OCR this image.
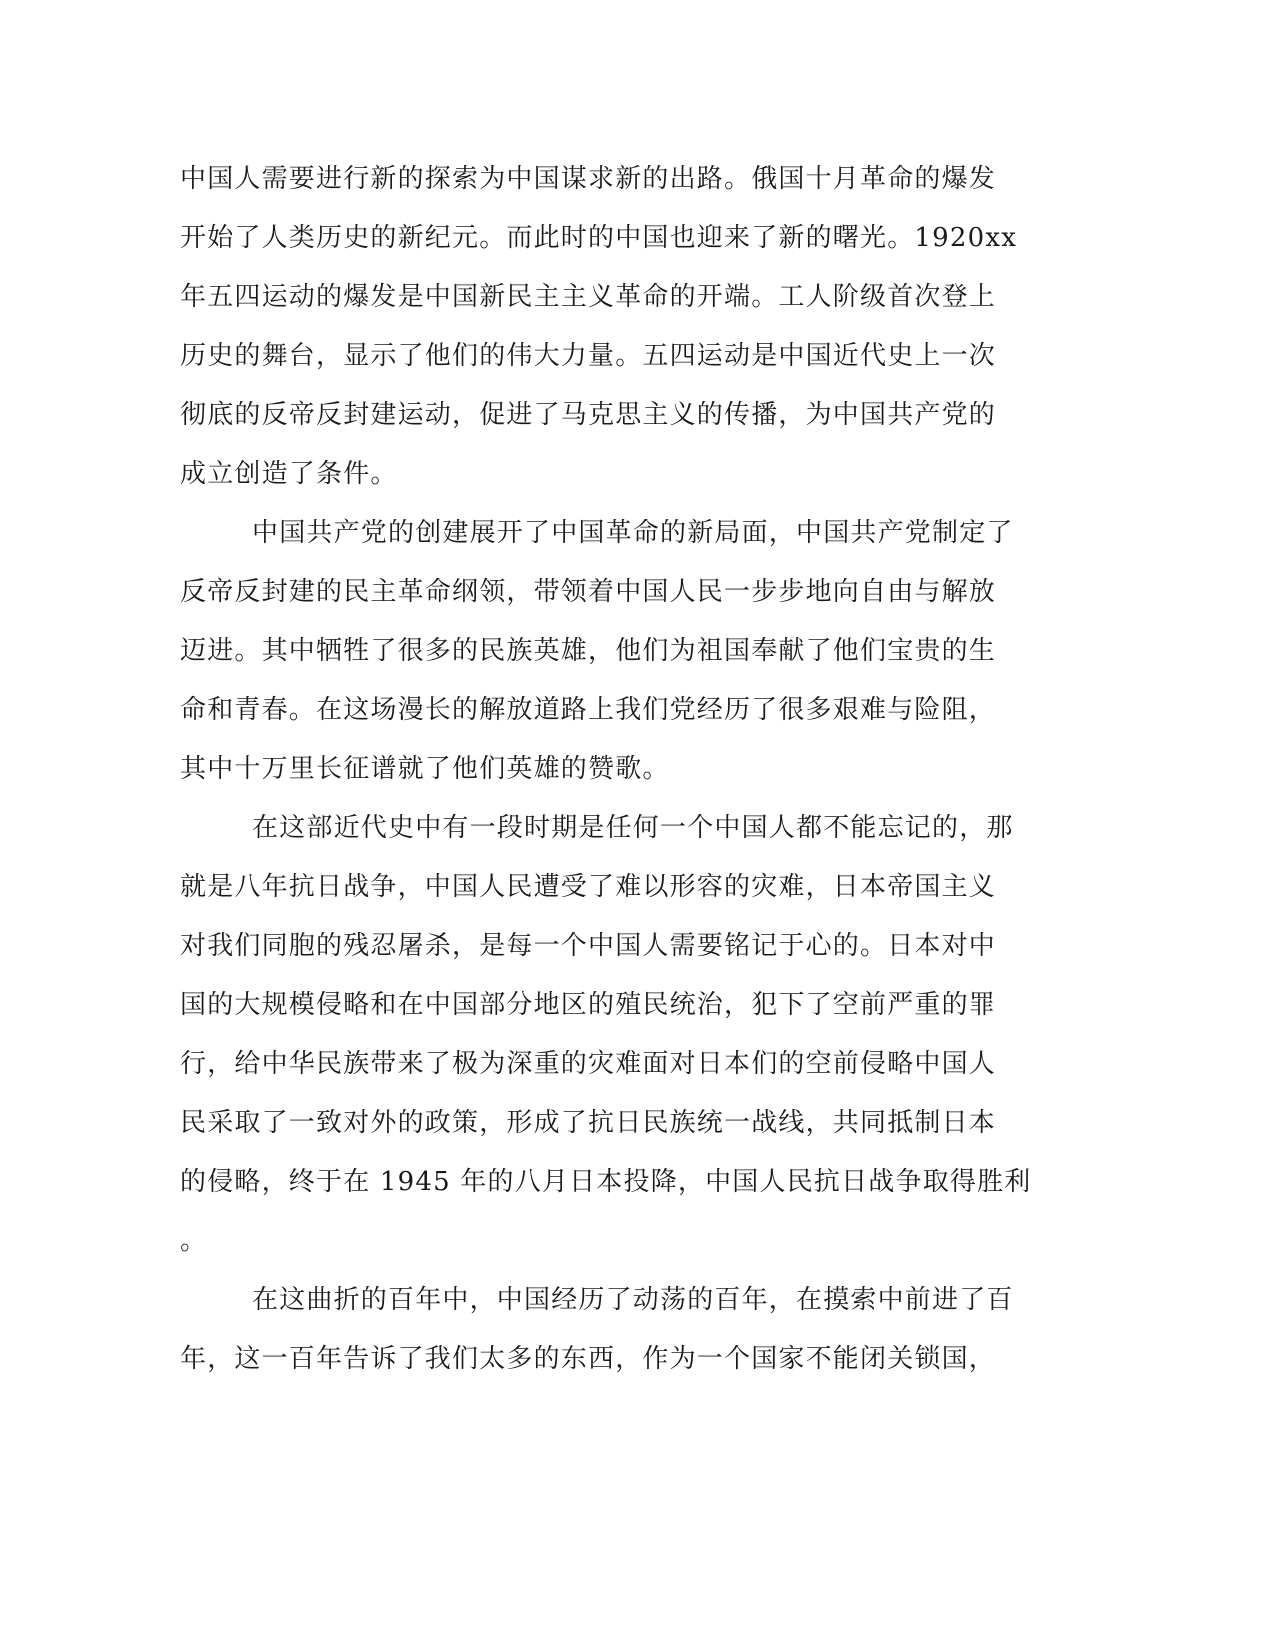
中国人需要进行新的探索为中国谋求新的出路。俄国十月革命的爆发
开始了人类历史的新纪元。而此时的中国也迎来了新的曙光。1920xx
年五四运动的爆发是中国新民主主义革命的开端。工人阶级首次登上
历史的舞台，显示了他们的伟大力量。五四运动是中国近代史上一次
彻底的反帝反封建运动，促进了马克思主义的传播，为中国共产党的
成立创造了条件。
中国共产党的创建展开了中国革命的新局面，中国共产党制定了
反帝反封建的民主革命纲领，带领着中国人民一步步地向自由与解放
迈进。其中牺牲了很多的民族英雄，他们为祖国奉献了他们宝贵的生
命和青春。在这场漫长的解放道路上我们党经历了很多艰难与险阻，
其中十万里长征谱就了他们英雄的赞歌。
在这部近代史中有一段时期是任何一个中国人都不能忘记的，那
就是八年抗日战争，中国人民遭受了难以形容的灾难，日本帝国主义
对我们同胞的残忍屠杀，是每一个中国人需要铭记于心的。日本对中
国的大规模侵略和在中国部分地区的殖民统治，犯下了空前严重的罪
行，给中华民族带来了极为深重的灾难面对日本们的空前侵略中国人
民采取了一致对外的政策，形成了抗日民族统一战线，共同抵制日本
的侵略，终于在 1945 年的八月日本投降，中国人民抗日战争取得胜利
。
在这曲折的百年中，中国经历了动荡的百年，在摸索中前进了百
年，这一百年告诉了我们太多的东西，作为一个国家不能闭关锁国，
